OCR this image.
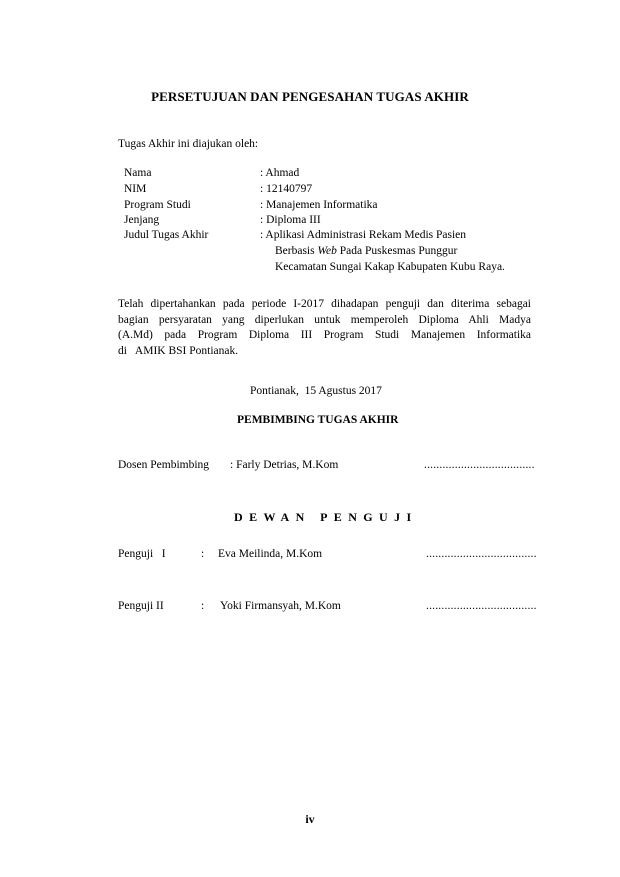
PERSETUJUAN DAN PENGESAHAN TUGAS AKHIR
Tugas Akhir ini diajukan oleh:
Nama	: Ahmad
NIM	: 12140797
Program Studi	: Manajemen Informatika
Jenjang	: Diploma III
Judul Tugas Akhir	: Aplikasi Administrasi Rekam Medis Pasien
Berbasis Web Pada Puskesmas Punggur
Kecamatan Sungai Kakap Kabupaten Kubu Raya.
Telah dipertahankan pada periode I-2017 dihadapan penguji dan diterima sebagai
bagian persyaratan yang diperlukan untuk memperoleh Diploma Ahli Madya
(A.Md) pada Program Diploma III Program Studi Manajemen Informatika
di   AMIK BSI Pontianak.
Pontianak,  15 Agustus 2017
PEMBIMBING TUGAS AKHIR
Dosen Pembimbing : Farly Detrias, M.Kom	....................................
DEWAN PENGUJI
Penguji   I	: Eva Meilinda, M.Kom	....................................
Penguji II	: Yoki Firmansyah, M.Kom	....................................
iv
